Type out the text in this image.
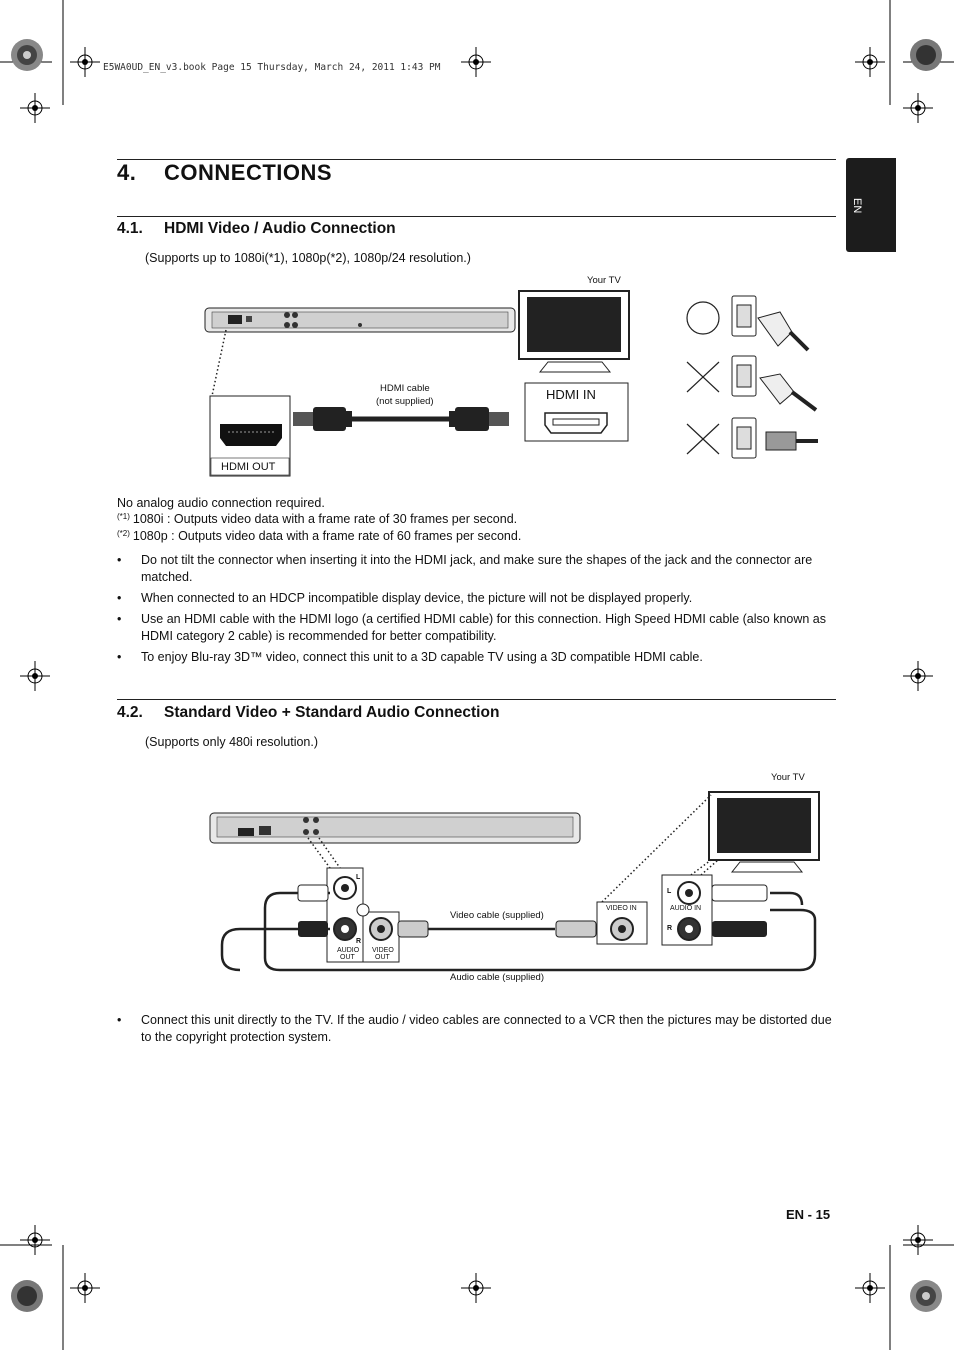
E5WA0UD_EN_v3.book Page 15 Thursday, March 24, 2011 1:43 PM
EN
4. CONNECTIONS
4.1. HDMI Video / Audio Connection
(Supports up to 1080i(*1), 1080p(*2), 1080p/24 resolution.)
Your TV
HDMI IN
HDMI cable
(not supplied)
HDMI OUT
No analog audio connection required.
$^{(*1)}$ 1080i : Outputs video data with a frame rate of 30 frames per second.
$^{(*2)}$ 1080p : Outputs video data with a frame rate of 60 frames per second.
• Do not tilt the connector when inserting it into the HDMI jack, and make sure the shapes of the jack and the connector are matched.
• When connected to an HDCP incompatible display device, the picture will not be displayed properly.
• Use an HDMI cable with the HDMI logo (a certified HDMI cable) for this connection. High Speed HDMI cable (also known as HDMI category 2 cable) is recommended for better compatibility.
• To enjoy Blu-ray 3D™ video, connect this unit to a 3D capable TV using a 3D compatible HDMI cable.
4.2. Standard Video + Standard Audio Connection
(Supports only 480i resolution.)
Your TV
Video cable (supplied)
Audio cable (supplied)
VIDEO IN	AUDIO IN
AUDIO
OUT
VIDEO
OUT
L
R
L
R
• Connect this unit directly to the TV. If the audio / video cables are connected to a VCR then the pictures may be distorted due to the copyright protection system.
EN - 15
